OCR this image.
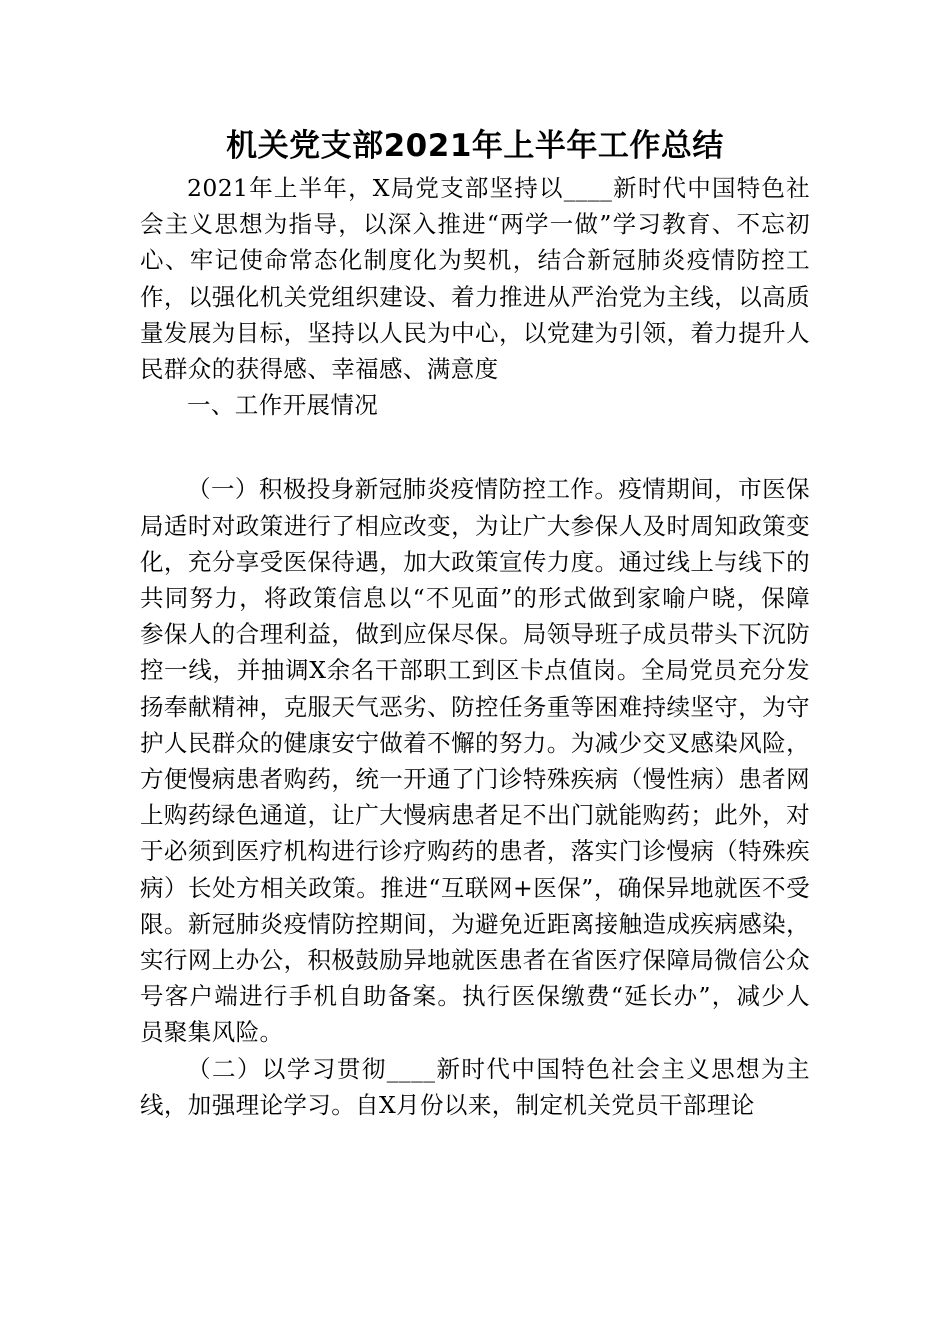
机关党支部2021年上半年工作总结

2021年上半年，X局党支部坚持以____新时代中国特色社会主义思想为指导，以深入推进“两学一做”学习教育、不忘初心、牢记使命常态化制度化为契机，结合新冠肺炎疫情防控工作，以强化机关党组织建设、着力推进从严治党为主线，以高质量发展为目标，坚持以人民为中心，以党建为引领，着力提升人民群众的获得感、幸福感、满意度

一、工作开展情况

（一）积极投身新冠肺炎疫情防控工作。疫情期间，市医保局适时对政策进行了相应改变，为让广大参保人及时周知政策变化，充分享受医保待遇，加大政策宣传力度。通过线上与线下的共同努力，将政策信息以“不见面”的形式做到家喻户晓，保障参保人的合理利益，做到应保尽保。局领导班子成员带头下沉防控一线，并抽调X余名干部职工到区卡点值岗。全局党员充分发扬奉献精神，克服天气恶劣、防控任务重等困难持续坚守，为守护人民群众的健康安宁做着不懈的努力。为减少交叉感染风险，方便慢病患者购药，统一开通了门诊特殊疾病（慢性病）患者网上购药绿色通道，让广大慢病患者足不出门就能购药；此外，对于必须到医疗机构进行诊疗购药的患者，落实门诊慢病（特殊疾病）长处方相关政策。推进“互联网+医保”，确保异地就医不受限。新冠肺炎疫情防控期间，为避免近距离接触造成疾病感染，实行网上办公，积极鼓励异地就医患者在省医疗保障局微信公众号客户端进行手机自助备案。执行医保缴费“延长办”，减少人员聚集风险。

（二）以学习贯彻____新时代中国特色社会主义思想为主线，加强理论学习。自X月份以来，制定机关党员干部理论
